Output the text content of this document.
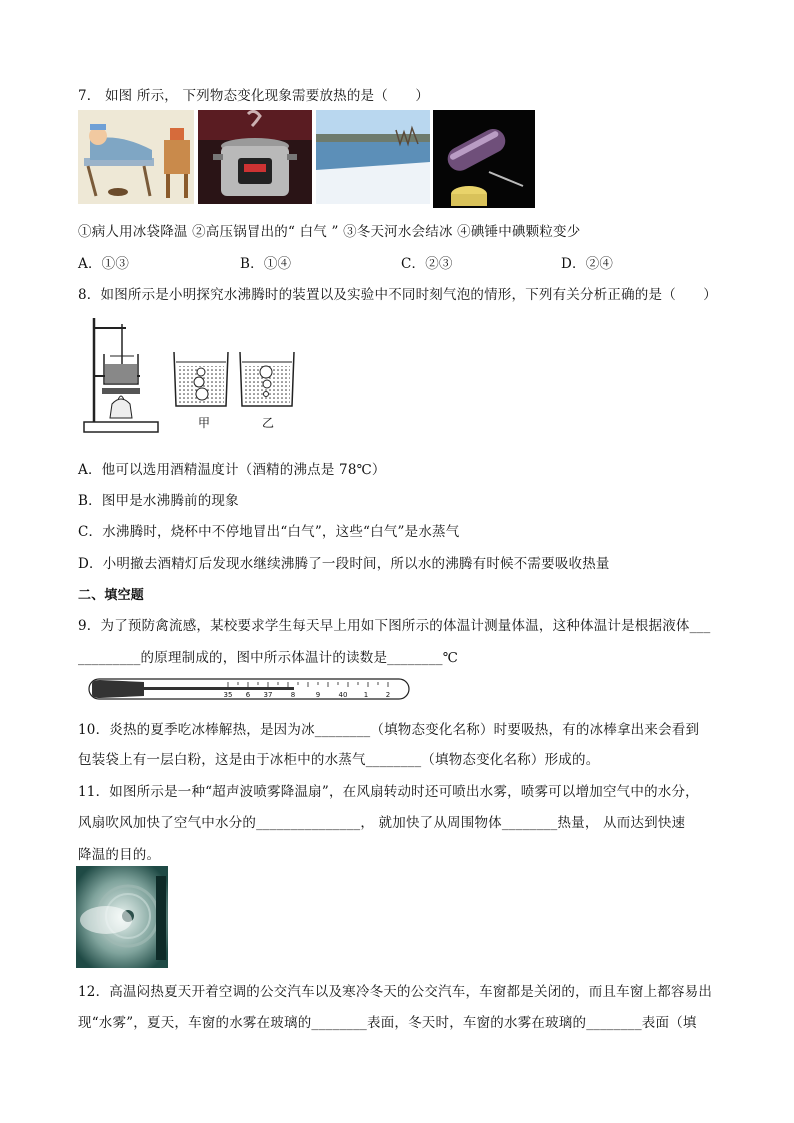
7． 如图 所示， 下列物态变化现象需要放热的是（　　）
①病人用冰袋降温 ②高压锅冒出的“ 白气 ” ③冬天河水会结冰 ④碘锤中碘颗粒变少
A．①③	B．①④	C．②③	D．②④
8．如图所示是小明探究水沸腾时的装置以及实验中不同时刻气泡的情形，下列有关分析正确的是（　　）
甲	乙
A．他可以选用酒精温度计（酒精的沸点是 78℃）
B．图甲是水沸腾前的现象
C．水沸腾时，烧杯中不停地冒出“白气”，这些“白气”是水蒸气
D．小明撤去酒精灯后发现水继续沸腾了一段时间，所以水的沸腾有时候不需要吸收热量
二、填空题
9．为了预防禽流感，某校要求学生每天早上用如下图所示的体温计测量体温，这种体温计是根据液体___
_________的原理制成的，图中所示体温计的读数是________℃
35 6 37	8	9	40 1	2
10．炎热的夏季吃冰棒解热，是因为冰________（填物态变化名称）时要吸热，有的冰棒拿出来会看到
包装袋上有一层白粉，这是由于冰柜中的水蒸气________（填物态变化名称）形成的。
11．如图所示是一种“超声波喷雾降温扇”，在风扇转动时还可喷出水雾，喷雾可以增加空气中的水分，
风扇吹风加快了空气中水分的_______________， 就加快了从周围物体________热量， 从而达到快速
降温的目的。
12．高温闷热夏天开着空调的公交汽车以及寒冷冬天的公交汽车，车窗都是关闭的，而且车窗上都容易出
现“水雾”，夏天，车窗的水雾在玻璃的________表面，冬天时，车窗的水雾在玻璃的________表面（填
